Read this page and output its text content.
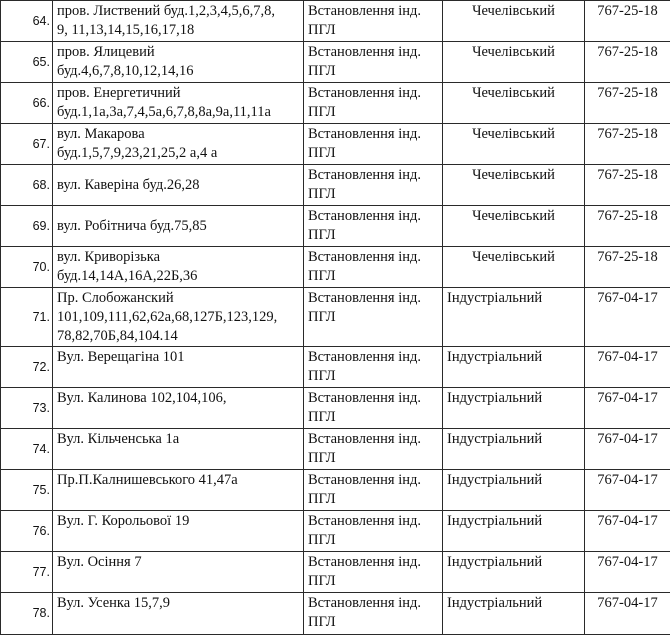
64.	пров. Листвений буд.1,2,3,4,5,6,7,8,
9, 11,13,14,15,16,17,18	Встановлення інд.
ПГЛ	Чечелівський	767-25-18
65.	пров. Ялицевий
буд.4,6,7,8,10,12,14,16	Встановлення інд.
ПГЛ	Чечелівський	767-25-18
66.	пров. Енергетичний
буд.1,1а,3а,7,4,5а,6,7,8,8а,9а,11,11а	Встановлення інд.
ПГЛ	Чечелівський	767-25-18
67.	вул. Макарова
буд.1,5,7,9,23,21,25,2 а,4 а	Встановлення інд.
ПГЛ	Чечелівський	767-25-18
68.	вул. Каверіна буд.26,28	Встановлення інд.
ПГЛ	Чечелівський	767-25-18
69.	вул. Робітнича буд.75,85	Встановлення інд.
ПГЛ	Чечелівський	767-25-18
70.	вул. Криворізька
буд.14,14А,16А,22Б,36	Встановлення інд.
ПГЛ	Чечелівський	767-25-18
71.	Пр. Слобожанский
101,109,111,62,62а,68,127Б,123,129,
78,82,70Б,84,104.14	Встановлення інд.
ПГЛ	Індустріальний	767-04-17
72.	Вул. Верещагіна 101	Встановлення інд.
ПГЛ	Індустріальний	767-04-17
73.	Вул. Калинова 102,104,106,	Встановлення інд.
ПГЛ	Індустріальний	767-04-17
74.	Вул. Кільченська 1а	Встановлення інд.
ПГЛ	Індустріальний	767-04-17
75.	Пр.П.Калнишевського 41,47а	Встановлення інд.
ПГЛ	Індустріальний	767-04-17
76.	Вул. Г. Корольової 19	Встановлення інд.
ПГЛ	Індустріальний	767-04-17
77.	Вул. Осіння 7	Встановлення інд.
ПГЛ	Індустріальний	767-04-17
78.	Вул. Усенка 15,7,9	Встановлення інд.
ПГЛ	Індустріальний	767-04-17
